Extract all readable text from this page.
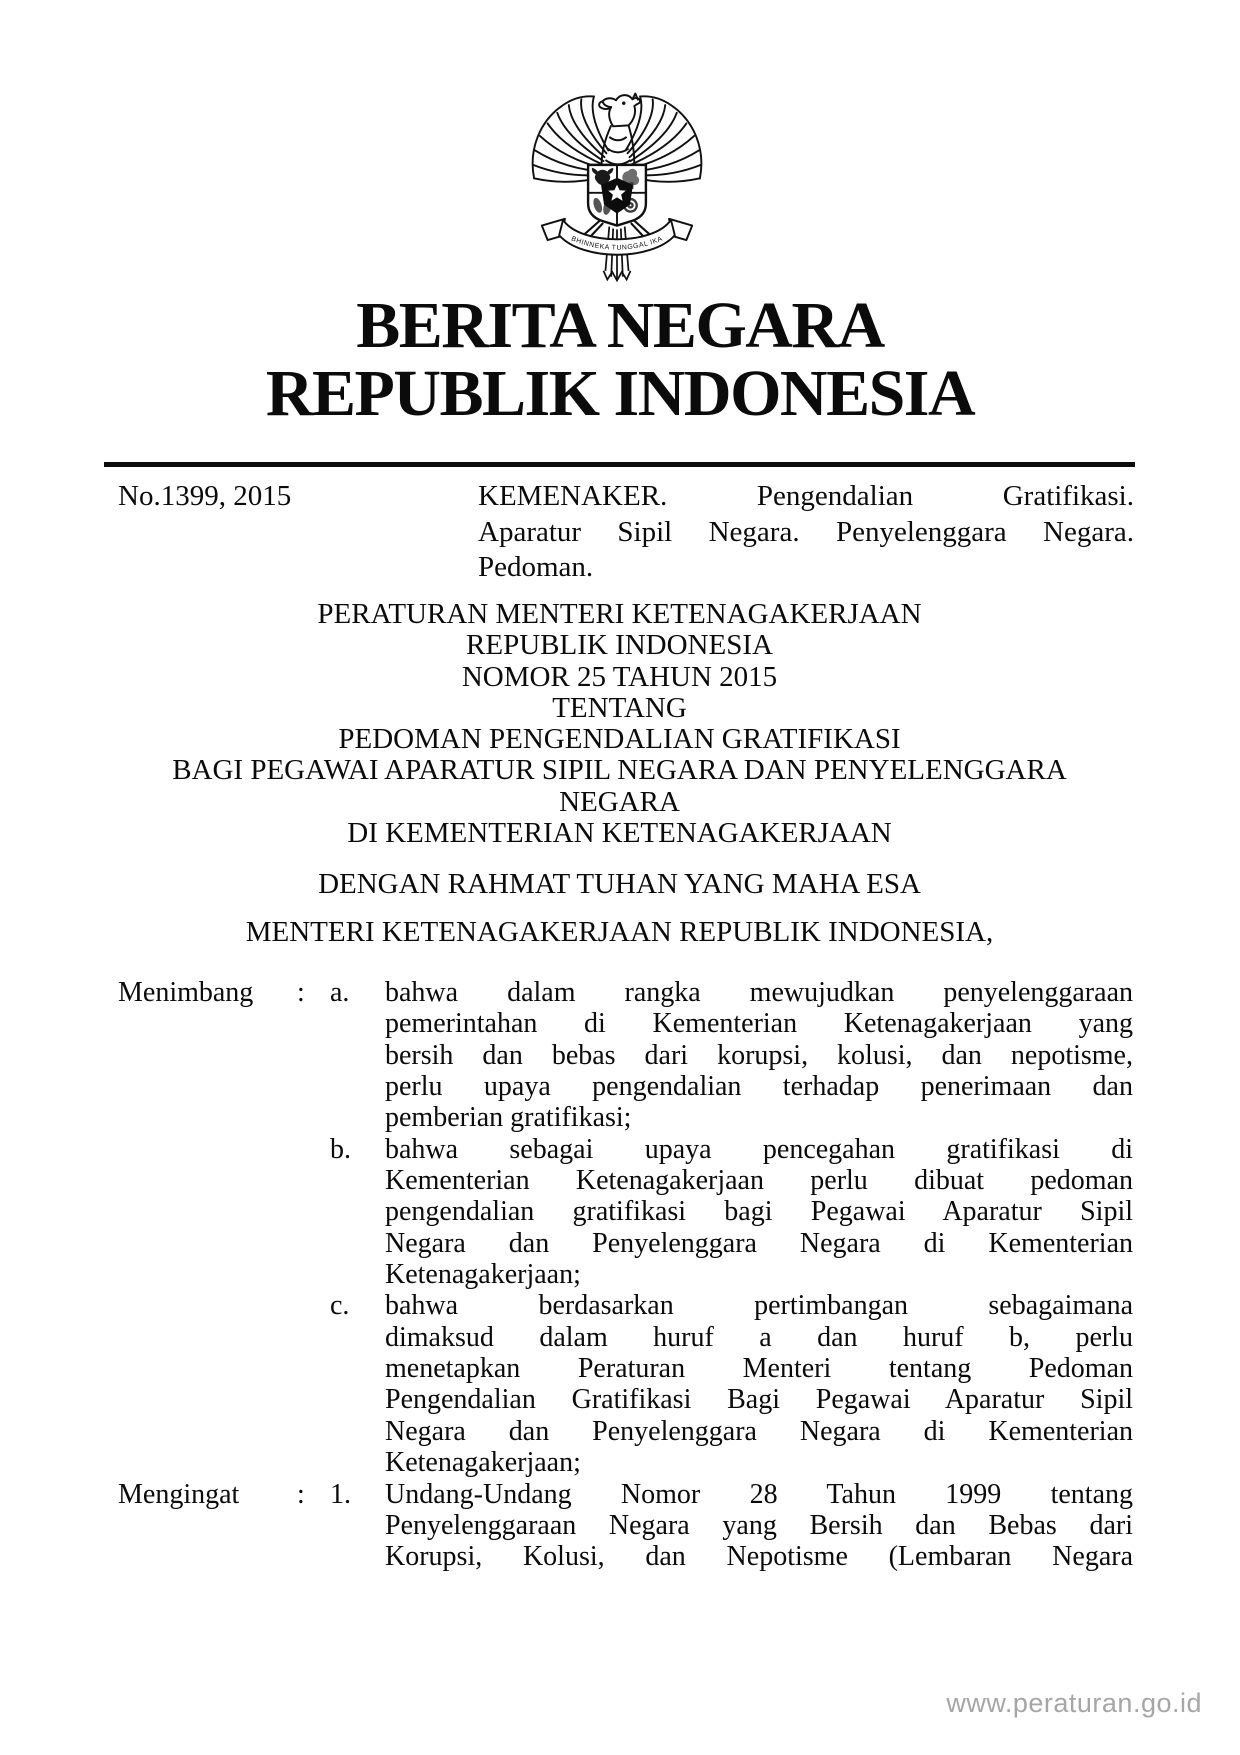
BHINNEKA TUNGGAL IKA
BERITA NEGARA
REPUBLIK INDONESIA
No.1399, 2015	KEMENAKER. Pengendalian Gratifikasi.
Aparatur Sipil Negara. Penyelenggara Negara.
Pedoman.
PERATURAN MENTERI KETENAGAKERJAAN
REPUBLIK INDONESIA
NOMOR 25 TAHUN 2015
TENTANG
PEDOMAN PENGENDALIAN GRATIFIKASI
BAGI PEGAWAI APARATUR SIPIL NEGARA DAN PENYELENGGARA
NEGARA
DI KEMENTERIAN KETENAGAKERJAAN
DENGAN RAHMAT TUHAN YANG MAHA ESA
MENTERI KETENAGAKERJAAN REPUBLIK INDONESIA,
Menimbang	: a.	bahwa dalam rangka mewujudkan penyelenggaraan
pemerintahan di Kementerian Ketenagakerjaan yang
bersih dan bebas dari korupsi, kolusi, dan nepotisme,
perlu upaya pengendalian terhadap penerimaan dan
pemberian gratifikasi;
b.	bahwa sebagai upaya pencegahan gratifikasi di
Kementerian Ketenagakerjaan perlu dibuat pedoman
pengendalian gratifikasi bagi Pegawai Aparatur Sipil
Negara dan Penyelenggara Negara di Kementerian
Ketenagakerjaan;
c.	bahwa berdasarkan pertimbangan sebagaimana
dimaksud dalam huruf a dan huruf b, perlu
menetapkan Peraturan Menteri tentang Pedoman
Pengendalian Gratifikasi Bagi Pegawai Aparatur Sipil
Negara dan Penyelenggara Negara di Kementerian
Ketenagakerjaan;
Mengingat	: 1.	Undang-Undang Nomor 28 Tahun 1999 tentang
Penyelenggaraan Negara yang Bersih dan Bebas dari
Korupsi, Kolusi, dan Nepotisme (Lembaran Negara
www.peraturan.go.id
